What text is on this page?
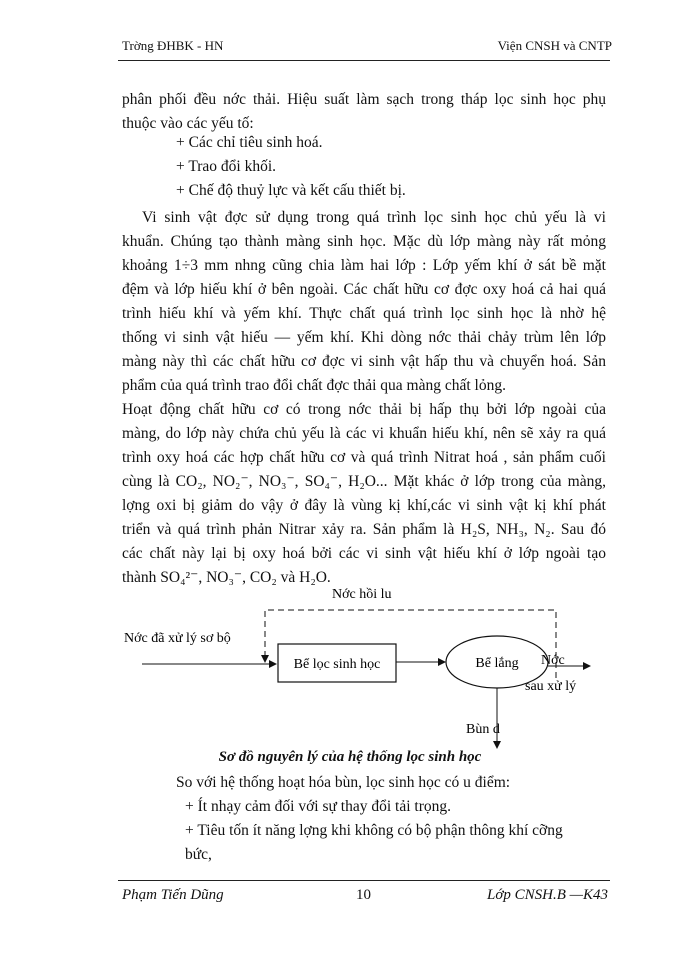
Trờng ĐHBK - HN	Viện CNSH và CNTP
phân phối đều nớc thải. Hiệu suất làm sạch trong tháp lọc sinh học phụ
thuộc vào các yếu tố:
+ Các chỉ tiêu sinh hoá.
+ Trao đổi khối.
+ Chế độ thuỷ lực và kết cấu thiết bị.
Vi sinh vật đợc sử dụng trong quá trình lọc sinh học chủ yếu là vi
khuẩn. Chúng tạo thành màng sinh học. Mặc dù lớp màng này rất mỏng
khoảng 1÷3 mm nhng cũng chia làm hai lớp : Lớp yếm khí ở sát bề mặt
đệm và lớp hiếu khí ở bên ngoài. Các chất hữu cơ đợc oxy hoá cả hai quá
trình hiếu khí và yếm khí. Thực chất quá trình lọc sinh học là nhờ hệ
thống vi sinh vật hiếu — yếm khí. Khi dòng nớc thải chảy trùm lên lớp
màng này thì các chất hữu cơ đợc vi sinh vật hấp thu và chuyển hoá. Sản
phẩm của quá trình trao đổi chất đợc thải qua màng chất lỏng.
Hoạt động chất hữu cơ có trong nớc thải bị hấp thụ bởi lớp ngoài của
màng, do lớp này chứa chủ yếu là các vi khuẩn hiếu khí, nên sẽ xảy ra quá
trình oxy hoá các hợp chất hữu cơ và quá trình Nitrat hoá , sản phẩm cuối
cùng là CO₂, NO₂⁻, NO₃⁻, SO₄⁻, H₂O... Mặt khác ở lớp trong của màng,
lợng oxi bị giảm do vậy ở đây là vùng kị khí,các vi sinh vật kị khí phát
triển và quá trình phản Nitrar xảy ra. Sản phẩm là H₂S, NH₃, N₂. Sau đó
các chất này lại bị oxy hoá bởi các vi sinh vật hiếu khí ở lớp ngoài tạo
thành SO₄²⁻, NO₃⁻, CO₂ và H₂O.
Nớc hồi lu
Nớc đã xử lý sơ bộ
Bể lọc sinh học	Bể lắng Nớc
sau xử lý
Bùn d
Sơ đồ nguyên lý của hệ thống lọc sinh học
So với hệ thống hoạt hóa bùn, lọc sinh học có u điểm:
+ Ít nhạy cảm đối với sự thay đổi tải trọng.
+ Tiêu tốn ít năng lợng khi không có bộ phận thông khí cỡng
bức,
Phạm Tiến Dũng	10	Lớp CNSH.B —K43
